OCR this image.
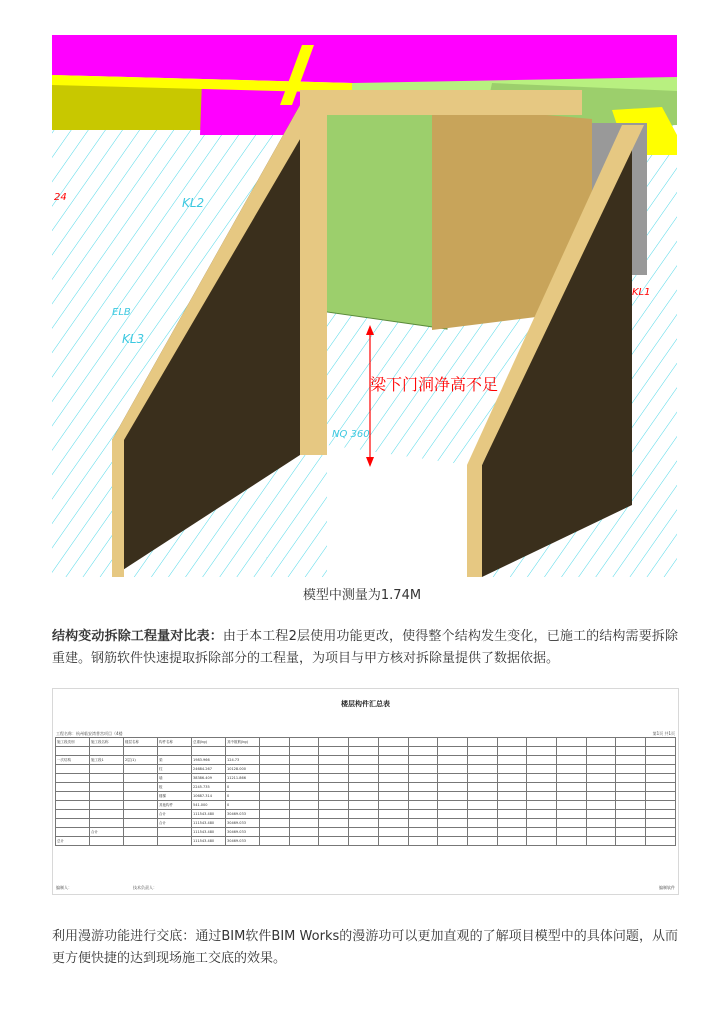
KL2
KL3
ELB
KL1
NQ 360
24
梁下门洞净高不足
模型中测量为1.74M
结构变动拆除工程量对比表：由于本工程2层使用功能更改，使得整个结构发生变化，已施工的结构需要拆除重建。钢筋软件快速提取拆除部分的工程量，为项目与甲方核对拆除量提供了数据依据。
楼层构件汇总表
工程名称：杭州临安湾普宫项目（4楼	第1页 共1页
施工段类别	施工段名称	楼层名称	构件名称	总重(kg)	其中箍筋(kg)														

一次结构	施工段1	2层(1)	梁	1983.966	124.73														
			柱	24684.267	10128.000														
			墙	38386.409	11211.866														
			板	2245.735	0														
			楼梯	10687.314	0														
			其他构件	541.000	0														
			合计	111543.480	30469.033														
			合计	111543.480	30469.033														
	合计			111543.480	30469.033														
总计				111543.480	30469.033														
编制人：	技术负责人：	编制软件
利用漫游功能进行交底：通过BIM软件BIM Works的漫游功可以更加直观的了解项目模型中的具体问题，从而更方便快捷的达到现场施工交底的效果。
